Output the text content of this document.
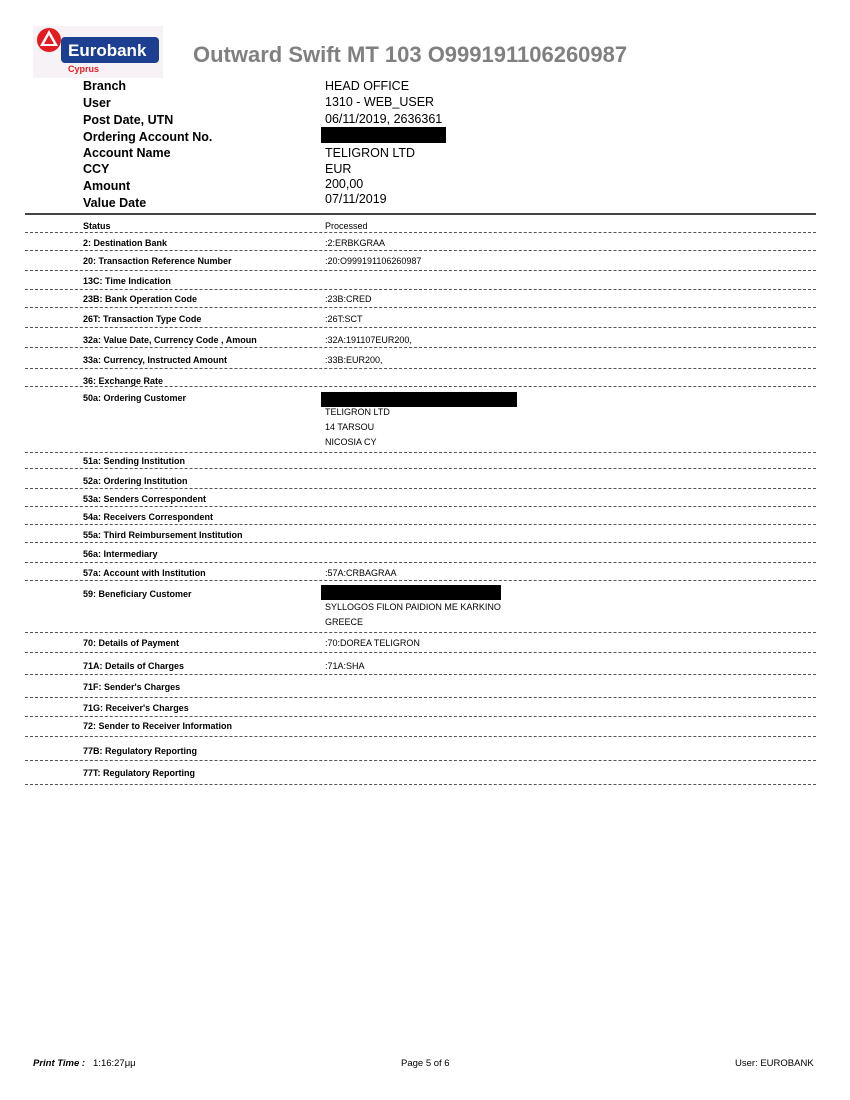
Eurobank
Cyprus
Outward Swift MT 103 O999191106260987
Branch	HEAD OFFICE
User	1310 - WEB_USER
Post Date, UTN	06/11/2019, 2636361
Ordering Account No.
Account Name	TELIGRON LTD
CCY	EUR
Amount	200,00
Value Date	07/11/2019
Status	Processed
2: Destination Bank	:2:ERBKGRAA
20: Transaction Reference Number	:20:O999191106260987
13C: Time Indication
23B: Bank Operation Code	:23B:CRED
26T: Transaction Type Code	:26T:SCT
32a: Value Date, Currency Code , Amoun	:32A:191107EUR200,
33a: Currency, Instructed Amount	:33B:EUR200,
36: Exchange Rate
50a: Ordering Customer
TELIGRON LTD
14 TARSOU
NICOSIA CY
51a: Sending Institution
52a: Ordering Institution
53a: Senders Correspondent
54a: Receivers Correspondent
55a: Third Reimbursement Institution
56a: Intermediary
57a: Account with Institution	:57A:CRBAGRAA
59: Beneficiary Customer
SYLLOGOS FILON PAIDION ME KARKINO
GREECE
70: Details of Payment	:70:DOREA TELIGRON
71A: Details of Charges	:71A:SHA
71F: Sender's Charges
71G: Receiver's Charges
72: Sender to Receiver Information
77B: Regulatory Reporting
77T: Regulatory Reporting
Print Time : 1:16:27μμ	Page 5 of 6	User: EUROBANK
